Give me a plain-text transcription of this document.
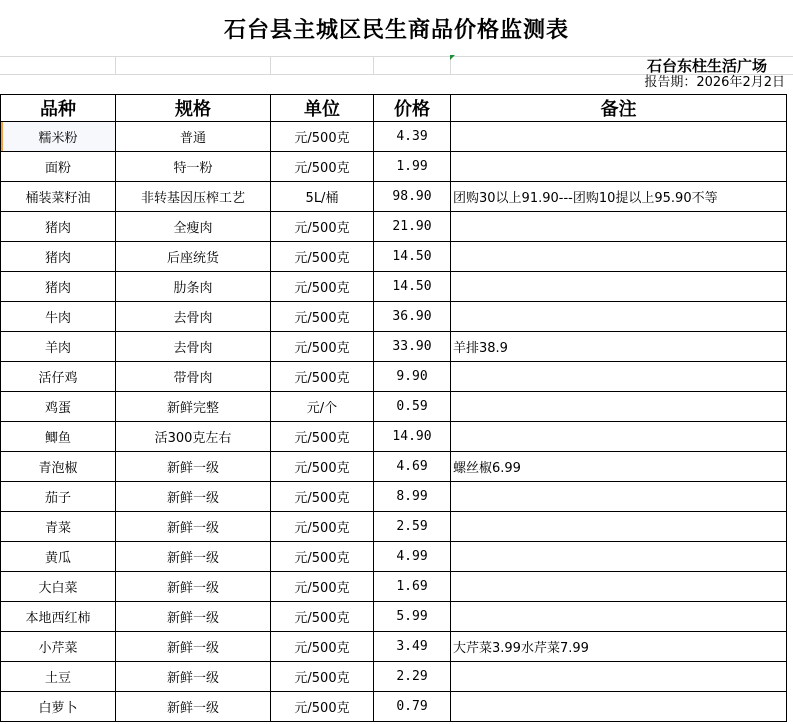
石台县主城区民生商品价格监测表
石台东柱生活广场
报告期：2026年2月2日
品种	规格	单位	价格	备注
糯米粉	普通	元/500克	4.39	
面粉	特一粉	元/500克	1.99	
桶装菜籽油	非转基因压榨工艺	5L/桶	98.90	团购30以上91.90---团购10提以上95.90不等
猪肉	全瘦肉	元/500克	21.90	
猪肉	后座统货	元/500克	14.50	
猪肉	肋条肉	元/500克	14.50	
牛肉	去骨肉	元/500克	36.90	
羊肉	去骨肉	元/500克	33.90	羊排38.9
活仔鸡	带骨肉	元/500克	9.90	
鸡蛋	新鲜完整	元/个	0.59	
鲫鱼	活300克左右	元/500克	14.90	
青泡椒	新鲜一级	元/500克	4.69	螺丝椒6.99
茄子	新鲜一级	元/500克	8.99	
青菜	新鲜一级	元/500克	2.59	
黄瓜	新鲜一级	元/500克	4.99	
大白菜	新鲜一级	元/500克	1.69	
本地西红柿	新鲜一级	元/500克	5.99	
小芹菜	新鲜一级	元/500克	3.49	大芹菜3.99水芹菜7.99
土豆	新鲜一级	元/500克	2.29	
白萝卜	新鲜一级	元/500克	0.79	
